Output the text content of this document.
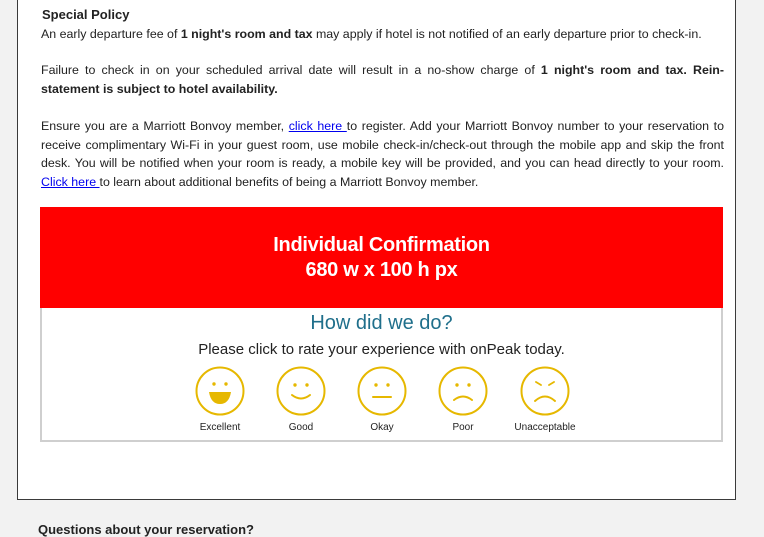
Special Policy
An early departure fee of 1 night's room and tax may apply if hotel is not notified of an early departure prior to check-in.
Failure to check in on your scheduled arrival date will result in a no-show charge of 1 night's room and tax. Rein-statement is subject to hotel availability.
Ensure you are a Marriott Bonvoy member, click here to register. Add your Marriott Bonvoy number to your reservation to receive complimentary Wi-Fi in your guest room, use mobile check-in/check-out through the mobile app and skip the front desk. You will be notified when your room is ready, a mobile key will be provided, and you can head directly to your room. Click here to learn about additional benefits of being a Marriott Bonvoy member.
Individual Confirmation
680 w x 100 h px
How did we do?
Please click to rate your experience with onPeak today.
Excellent	Good	Okay	Poor	Unacceptable
Questions about your reservation?
